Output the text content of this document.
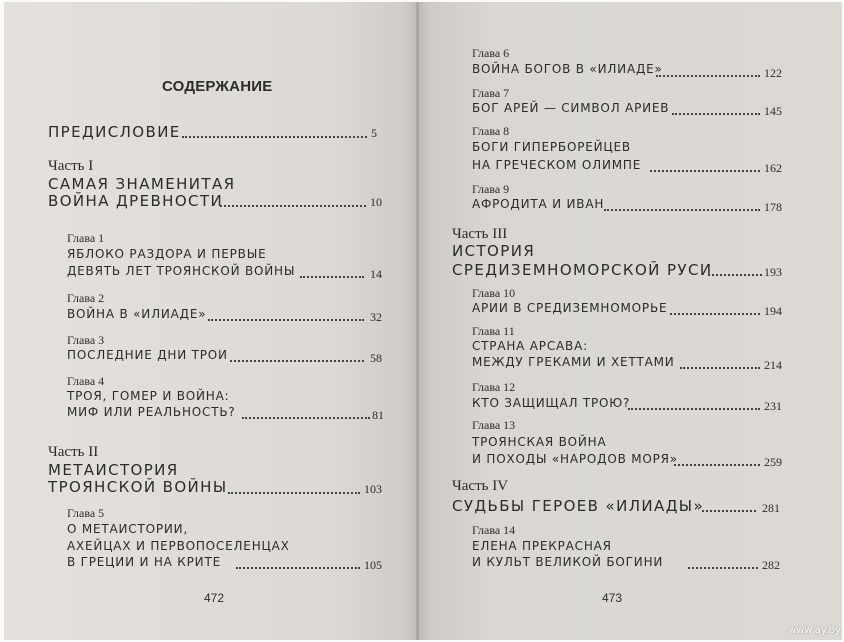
СОДЕРЖАНИЕ
ПРЕДИСЛОВИЕ	5
Часть I
САМАЯ ЗНАМЕНИТАЯ
ВОЙНА ДРЕВНОСТИ	10
Глава 1
ЯБЛОКО РАЗДОРА И ПЕРВЫЕ
ДЕВЯТЬ ЛЕТ ТРОЯНСКОЙ ВОЙНЫ	14
Глава 2
ВОЙНА В «ИЛИАДЕ»	32
Глава 3
ПОСЛЕДНИЕ ДНИ ТРОИ	58
Глава 4
ТРОЯ, ГОМЕР И ВОЙНА:
МИФ ИЛИ РЕАЛЬНОСТЬ?	81
Часть II
МЕТАИСТОРИЯ
ТРОЯНСКОЙ ВОЙНЫ	103
Глава 5
О МЕТАИСТОРИИ,
АХЕЙЦАХ И ПЕРВОПОСЕЛЕНЦАХ
В ГРЕЦИИ И НА КРИТЕ	105
472
Глава 6
ВОЙНА БОГОВ В «ИЛИАДЕ»	122
Глава 7
БОГ АРЕЙ — СИМВОЛ АРИЕВ	145
Глава 8
БОГИ ГИПЕРБОРЕЙЦЕВ
НА ГРЕЧЕСКОМ ОЛИМПЕ	162
Глава 9
АФРОДИТА И ИВАН	178
Часть III
ИСТОРИЯ
СРЕДИЗЕМНОМОРСКОЙ РУСИ	193
Глава 10
АРИИ В СРЕДИЗЕМНОМОРЬЕ	194
Глава 11
СТРАНА АРСАВА:
МЕЖДУ ГРЕКАМИ И ХЕТТАМИ	214
Глава 12
КТО ЗАЩИЩАЛ ТРОЮ?	231
Глава 13
ТРОЯНСКАЯ ВОЙНА
И ПОХОДЫ «НАРОДОВ МОРЯ»	259
Часть IV
СУДЬБЫ ГЕРОЕВ «ИЛИАДЫ»	281
Глава 14
ЕЛЕНА ПРЕКРАСНАЯ
И КУЛЬТ ВЕЛИКОЙ БОГИНИ	282
473
www.ay.by
